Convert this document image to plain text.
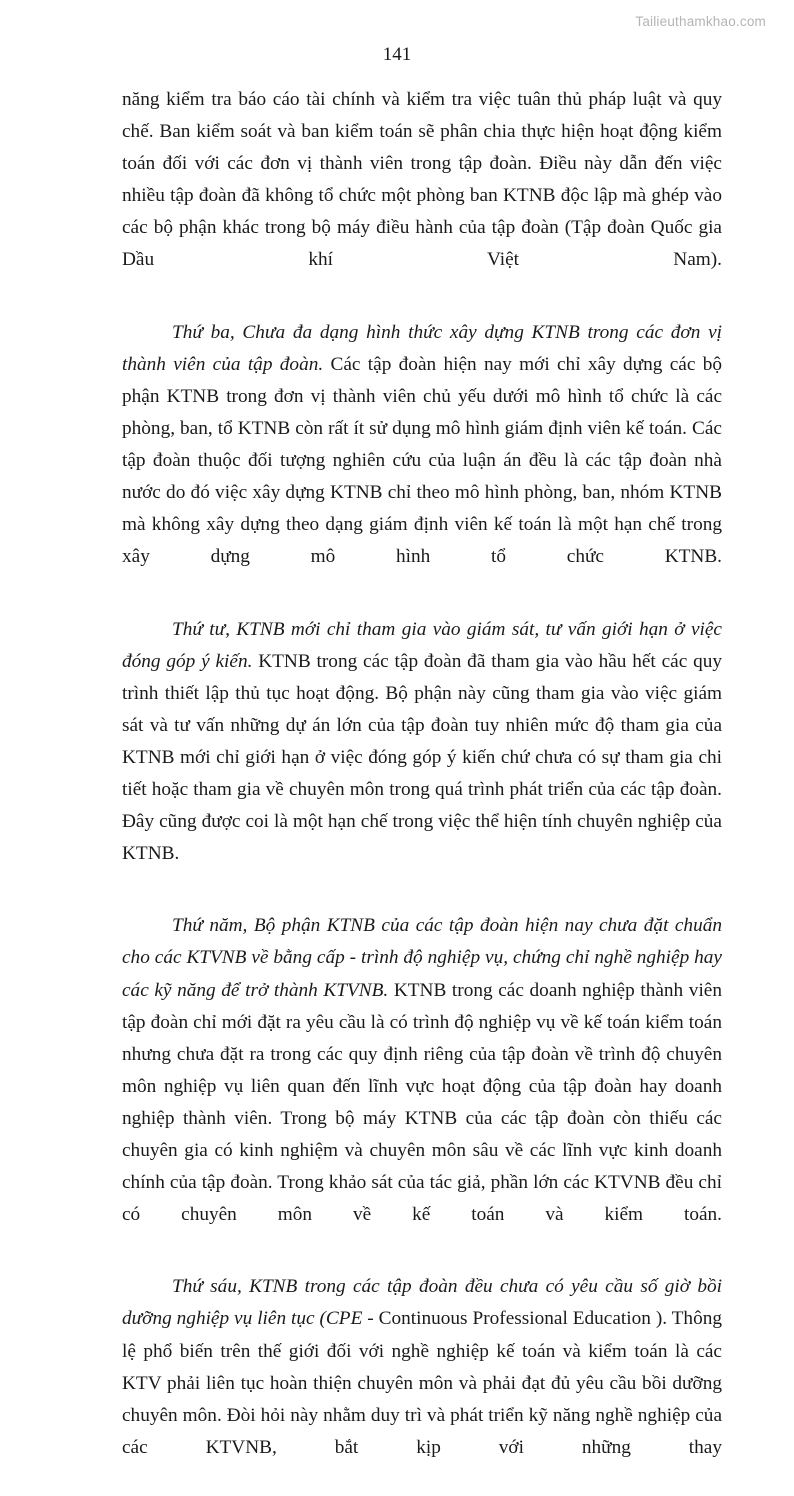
Tailieuthamkhao.com
141

năng kiểm tra báo cáo tài chính và kiểm tra việc tuân thủ pháp luật và quy chế. Ban kiểm soát và ban kiểm toán sẽ phân chia thực hiện hoạt động kiểm toán đối với các đơn vị thành viên trong tập đoàn. Điều này dẫn đến việc nhiều tập đoàn đã không tổ chức một phòng ban KTNB độc lập mà ghép vào các bộ phận khác trong bộ máy điều hành của tập đoàn (Tập đoàn Quốc gia Dầu khí Việt Nam).

Thứ ba, Chưa đa dạng hình thức xây dựng KTNB trong các đơn vị thành viên của tập đoàn. Các tập đoàn hiện nay mới chỉ xây dựng các bộ phận KTNB trong đơn vị thành viên chủ yếu dưới mô hình tổ chức là các phòng, ban, tổ KTNB còn rất ít sử dụng mô hình giám định viên kế toán. Các tập đoàn thuộc đối tượng nghiên cứu của luận án đều là các tập đoàn nhà nước do đó việc xây dựng KTNB chỉ theo mô hình phòng, ban, nhóm KTNB mà không xây dựng theo dạng giám định viên kế toán là một hạn chế trong xây dựng mô hình tổ chức KTNB.

Thứ tư, KTNB mới chỉ tham gia vào giám sát, tư vấn giới hạn ở việc đóng góp ý kiến. KTNB trong các tập đoàn đã tham gia vào hầu hết các quy trình thiết lập thủ tục hoạt động. Bộ phận này cũng tham gia vào việc giám sát và tư vấn những dự án lớn của tập đoàn tuy nhiên mức độ tham gia của KTNB mới chỉ giới hạn ở việc đóng góp ý kiến chứ chưa có sự tham gia chi tiết hoặc tham gia về chuyên môn trong quá trình phát triển của các tập đoàn. Đây cũng được coi là một hạn chế trong việc thể hiện tính chuyên nghiệp của KTNB.

Thứ năm, Bộ phận KTNB của các tập đoàn hiện nay chưa đặt chuẩn cho các KTVNB về bằng cấp - trình độ nghiệp vụ, chứng chỉ nghề nghiệp hay các kỹ năng để trở thành KTVNB. KTNB trong các doanh nghiệp thành viên tập đoàn chỉ mới đặt ra yêu cầu là có trình độ nghiệp vụ về kế toán kiểm toán nhưng chưa đặt ra trong các quy định riêng của tập đoàn về trình độ chuyên môn nghiệp vụ liên quan đến lĩnh vực hoạt động của tập đoàn hay doanh nghiệp thành viên. Trong bộ máy KTNB của các tập đoàn còn thiếu các chuyên gia có kinh nghiệm và chuyên môn sâu về các lĩnh vực kinh doanh chính của tập đoàn. Trong khảo sát của tác giả, phần lớn các KTVNB đều chỉ có chuyên môn về kế toán và kiểm toán.

Thứ sáu, KTNB trong các tập đoàn đều chưa có yêu cầu số giờ bồi dưỡng nghiệp vụ liên tục (CPE - Continuous Professional Education ). Thông lệ phổ biến trên thế giới đối với nghề nghiệp kế toán và kiểm toán là các KTV phải liên tục hoàn thiện chuyên môn và phải đạt đủ yêu cầu bồi dưỡng chuyên môn. Đòi hỏi này nhằm duy trì và phát triển kỹ năng nghề nghiệp của các KTVNB, bắt kịp với những thay
